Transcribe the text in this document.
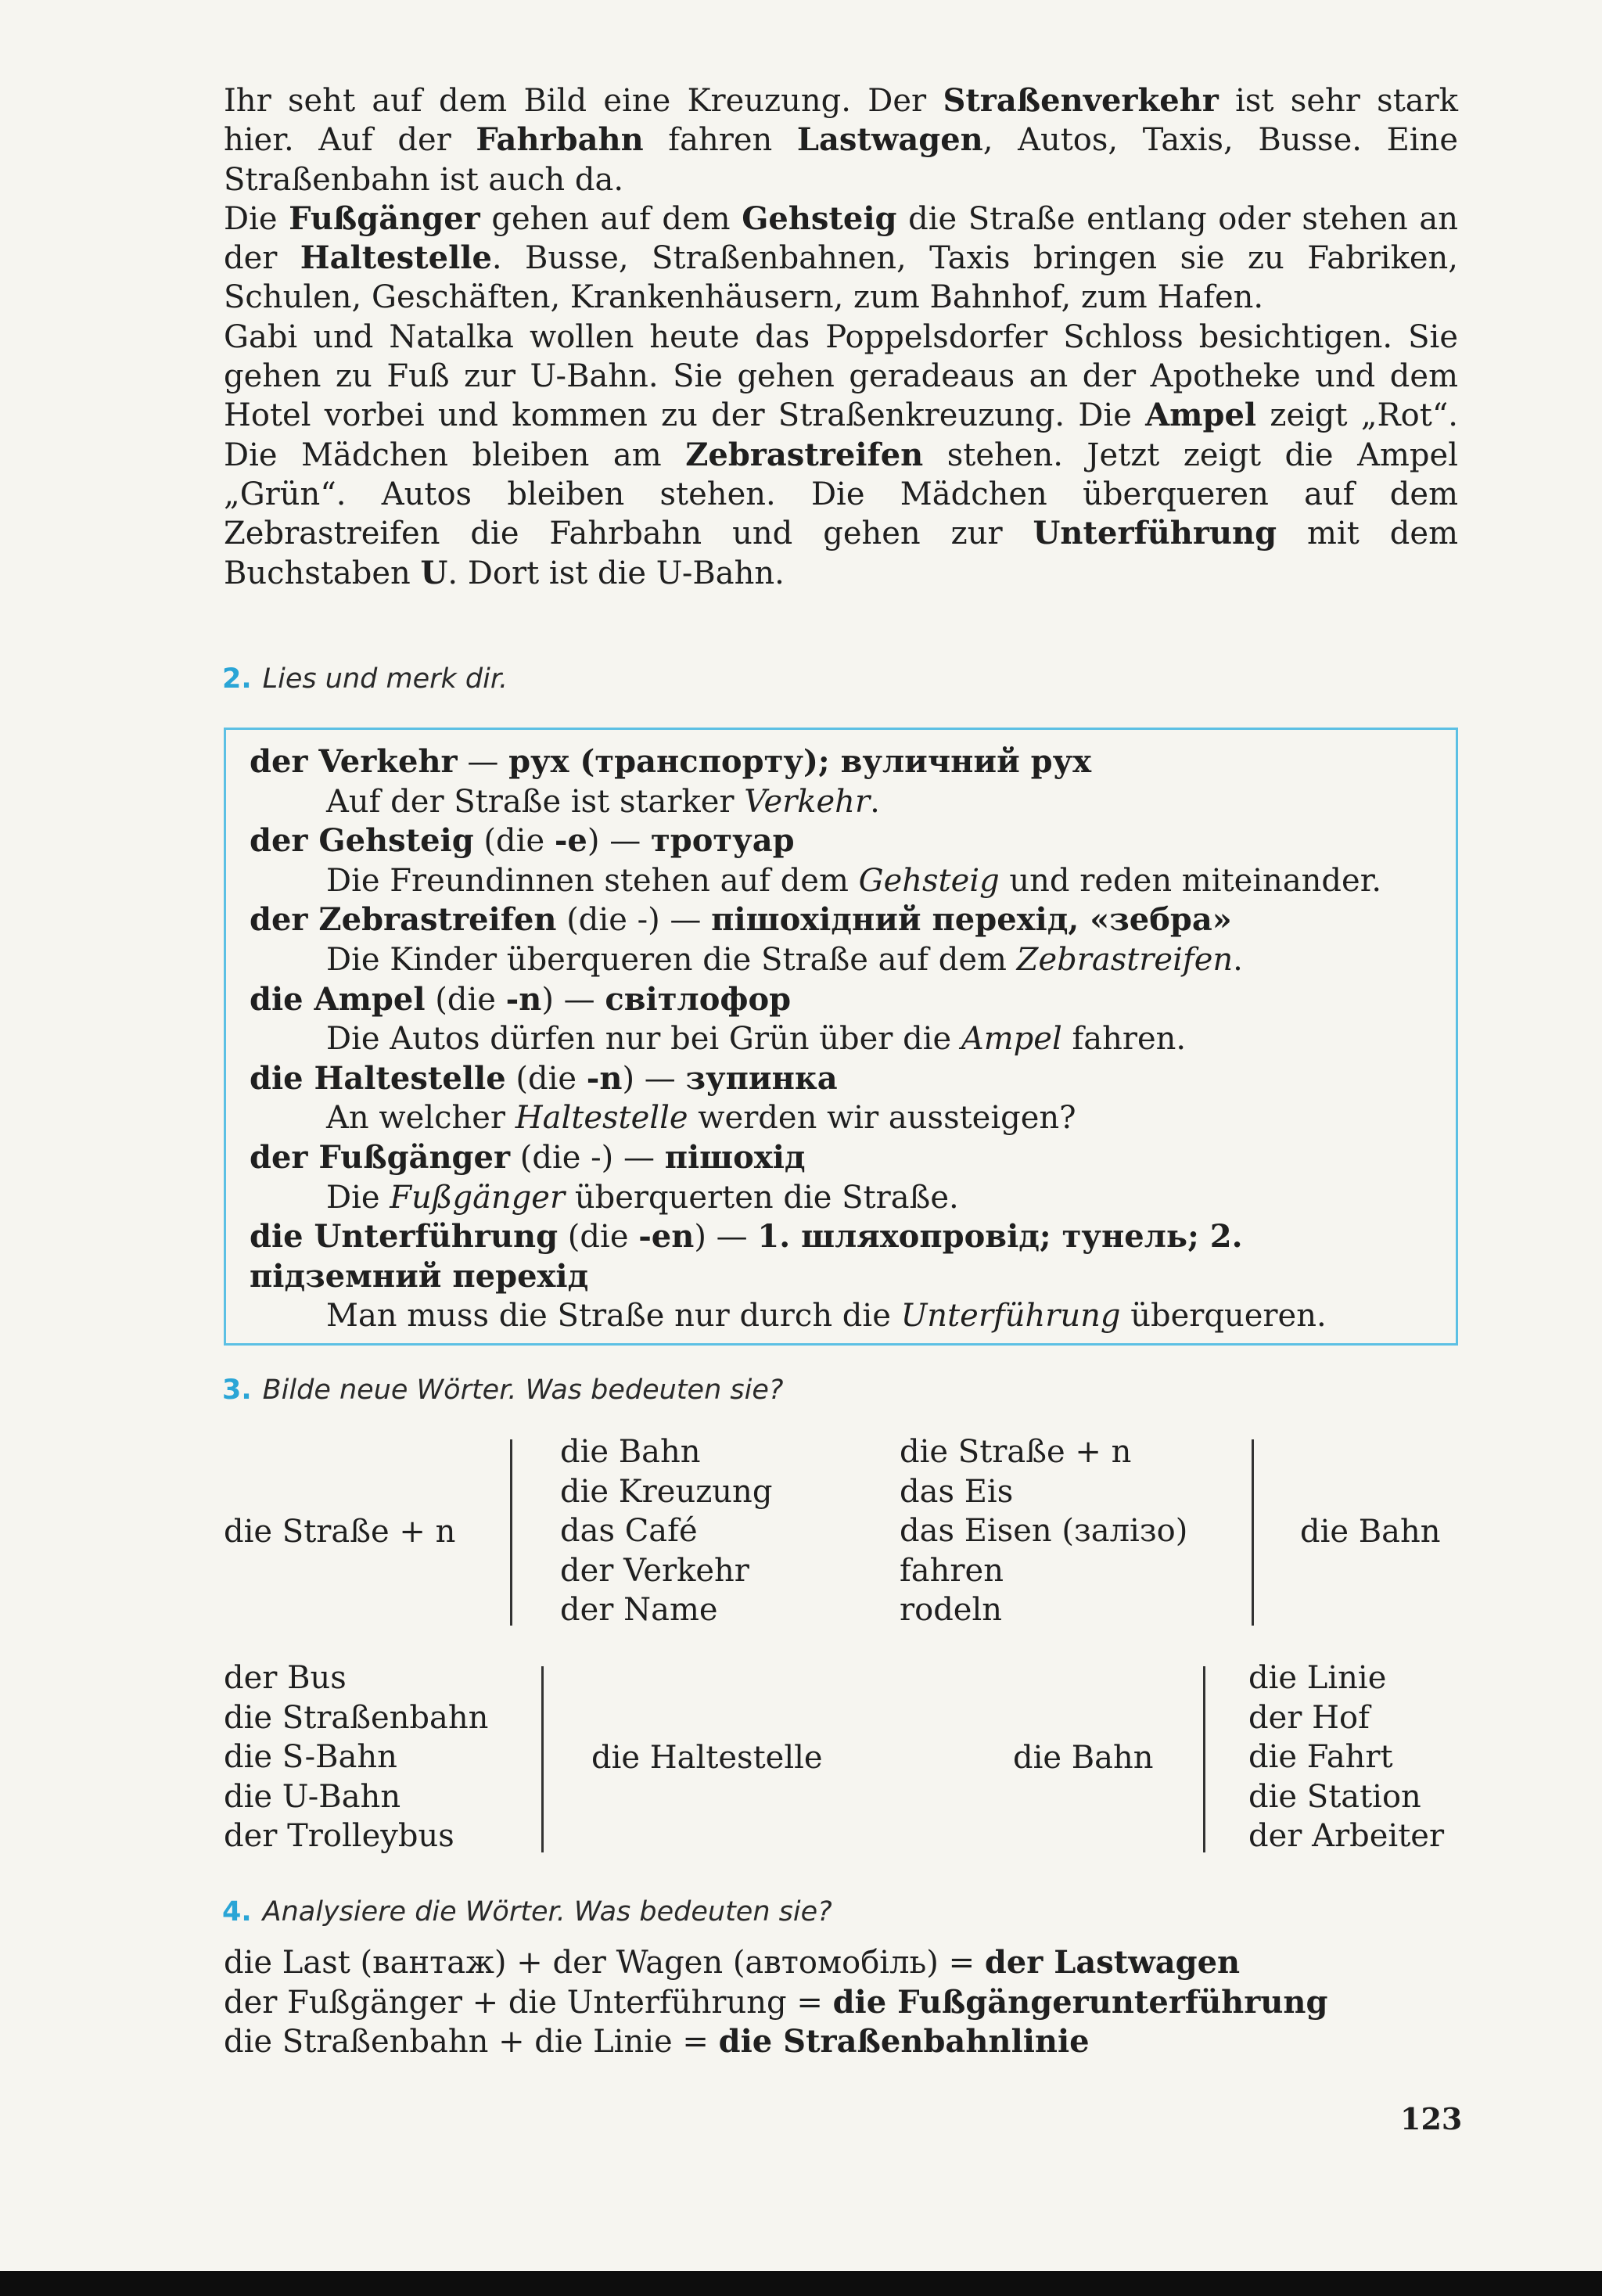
Ihr seht auf dem Bild eine Kreuzung. Der Straßenverkehr ist sehr stark hier. Auf der Fahrbahn fahren Lastwagen, Autos, Taxis, Busse. Eine Straßenbahn ist auch da.

Die Fußgänger gehen auf dem Gehsteig die Straße entlang oder stehen an der Haltestelle. Busse, Straßenbahnen, Taxis bringen sie zu Fabriken, Schulen, Geschäften, Krankenhäusern, zum Bahnhof, zum Hafen.

Gabi und Natalka wollen heute das Poppelsdorfer Schloss besichtigen. Sie gehen zu Fuß zur U-Bahn. Sie gehen geradeaus an der Apotheke und dem Hotel vorbei und kommen zu der Straßenkreuzung. Die Ampel zeigt „Rot“. Die Mädchen bleiben am Zebrastreifen stehen. Jetzt zeigt die Ampel „Grün“. Autos bleiben stehen. Die Mädchen überqueren auf dem Zebrastreifen die Fahrbahn und gehen zur Unterführung mit dem Buchstaben U. Dort ist die U-Bahn.

2. Lies und merk dir.

der Verkehr — рух (транспорту); вуличний рух

Auf der Straße ist starker Verkehr.

der Gehsteig (die -e) — тротуар

Die Freundinnen stehen auf dem Gehsteig und reden miteinander.

der Zebrastreifen (die -) — пішохідний перехід, «зебра»

Die Kinder überqueren die Straße auf dem Zebrastreifen.

die Ampel (die -n) — світлофор

Die Autos dürfen nur bei Grün über die Ampel fahren.

die Haltestelle (die -n) — зупинка

An welcher Haltestelle werden wir aussteigen?

der Fußgänger (die -) — пішохід

Die Fußgänger überquerten die Straße.

die Unterführung (die -en) — 1. шляхопровід; тунель; 2. підземний перехід

Man muss die Straße nur durch die Unterführung überqueren.

3. Bilde neue Wörter. Was bedeuten sie?
die Straße + n
die Bahn
die Kreuzung
das Café
der Verkehr
der Name
die Straße + n
das Eis
das Eisen (залізо)
fahren
rodeln
die Bahn
der Bus
die Straßenbahn
die S-Bahn
die U-Bahn
der Trolleybus
die Haltestelle	die Bahn
die Linie
der Hof
die Fahrt
die Station
der Arbeiter
4. Analysiere die Wörter. Was bedeuten sie?

die Last (вантаж) + der Wagen (автомобіль) = der Lastwagen

der Fußgänger + die Unterführung = die Fußgängerunterführung

die Straßenbahn + die Linie = die Straßenbahnlinie

123
